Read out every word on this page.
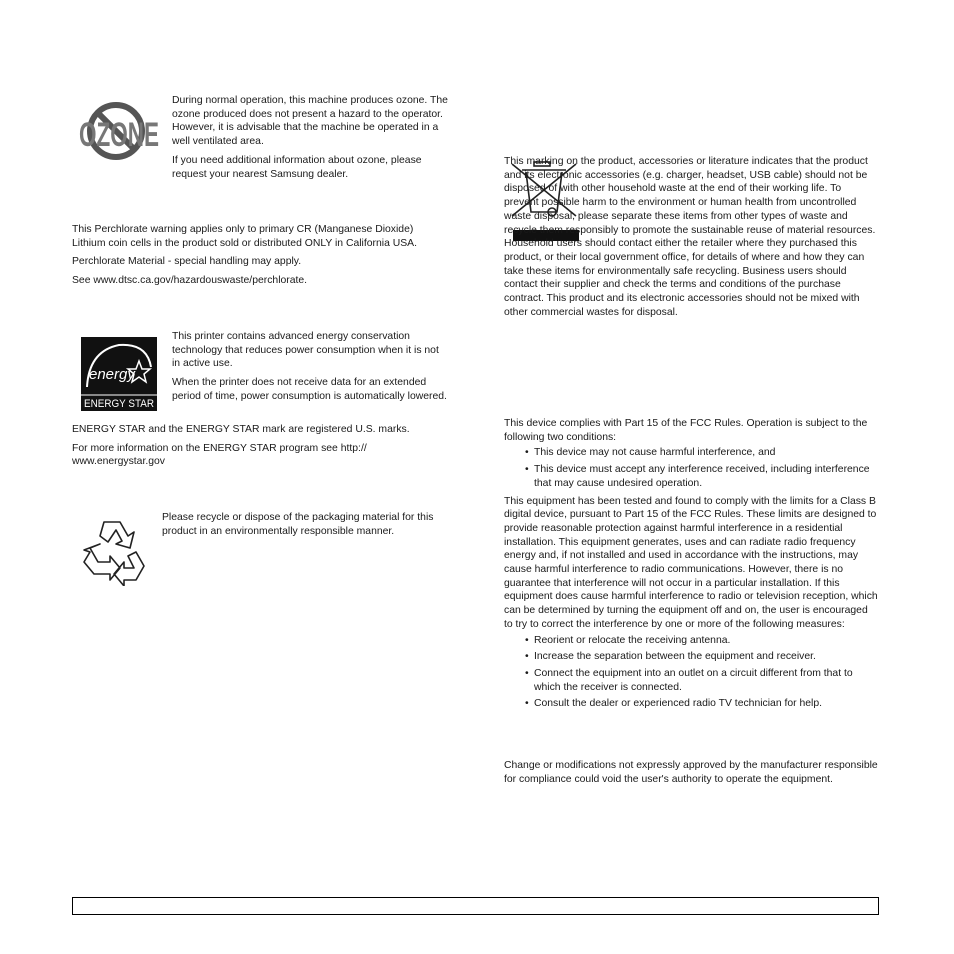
OZONE

During normal operation, this machine produces ozone. The ozone produced does not present a hazard to the operator. However, it is advisable that the machine be operated in a well ventilated area.

If you need additional information about ozone, please request your nearest Samsung dealer.

This Perchlorate warning applies only to primary CR (Manganese Dioxide) Lithium coin cells in the product sold or distributed ONLY in California USA.

Perchlorate Material - special handling may apply.

See www.dtsc.ca.gov/hazardouswaste/perchlorate.

energy
ENERGY STAR

This printer contains advanced energy conservation technology that reduces power consumption when it is not in active use.

When the printer does not receive data for an extended period of time, power consumption is automatically lowered.

ENERGY STAR and the ENERGY STAR mark are registered U.S. marks.

For more information on the ENERGY STAR program see http:// www.energystar.gov

Please recycle or dispose of the packaging material for this product in an environmentally responsible manner.

This marking on the product, accessories or literature indicates that the product and its electronic accessories (e.g. charger, headset, USB cable) should not be disposed of with other household waste at the end of their working life. To prevent possible harm to the environment or human health from uncontrolled waste disposal, please separate these items from other types of waste and recycle them responsibly to promote the sustainable reuse of material resources. Household users should contact either the retailer where they purchased this product, or their local government office, for details of where and how they can take these items for environmentally safe recycling. Business users should contact their supplier and check the terms and conditions of the purchase contract. This product and its electronic accessories should not be mixed with other commercial wastes for disposal.

This device complies with Part 15 of the FCC Rules. Operation is subject to the following two conditions:

• This device may not cause harmful interference, and
• This device must accept any interference received, including interference that may cause undesired operation.

This equipment has been tested and found to comply with the limits for a Class B digital device, pursuant to Part 15 of the FCC Rules. These limits are designed to provide reasonable protection against harmful interference in a residential installation. This equipment generates, uses and can radiate radio frequency energy and, if not installed and used in accordance with the instructions, may cause harmful interference to radio communications. However, there is no guarantee that interference will not occur in a particular installation. If this equipment does cause harmful interference to radio or television reception, which can be determined by turning the equipment off and on, the user is encouraged to try to correct the interference by one or more of the following measures:

• Reorient or relocate the receiving antenna.
• Increase the separation between the equipment and receiver.
• Connect the equipment into an outlet on a circuit different from that to which the receiver is connected.
• Consult the dealer or experienced radio TV technician for help.

Change or modifications not expressly approved by the manufacturer responsible for compliance could void the user's authority to operate the equipment.
